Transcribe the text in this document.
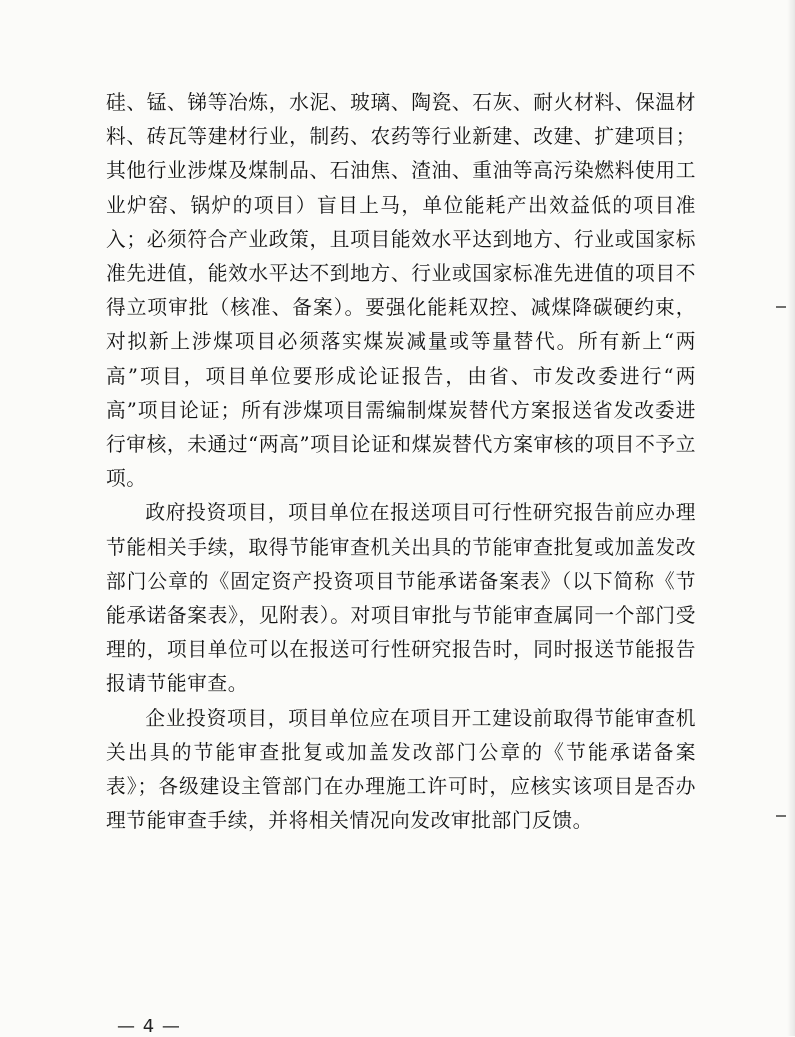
硅、锰、锑等冶炼，水泥、玻璃、陶瓷、石灰、耐火材料、保温材料、砖瓦等建材行业，制药、农药等行业新建、改建、扩建项目；其他行业涉煤及煤制品、石油焦、渣油、重油等高污染燃料使用工业炉窑、锅炉的项目）盲目上马，单位能耗产出效益低的项目准入；必须符合产业政策，且项目能效水平达到地方、行业或国家标准先进值，能效水平达不到地方、行业或国家标准先进值的项目不得立项审批（核准、备案）。要强化能耗双控、减煤降碳硬约束，对拟新上涉煤项目必须落实煤炭减量或等量替代。所有新上“两高”项目，项目单位要形成论证报告，由省、市发改委进行“两高”项目论证；所有涉煤项目需编制煤炭替代方案报送省发改委进行审核，未通过“两高”项目论证和煤炭替代方案审核的项目不予立项。

政府投资项目，项目单位在报送项目可行性研究报告前应办理节能相关手续，取得节能审查机关出具的节能审查批复或加盖发改部门公章的《固定资产投资项目节能承诺备案表》（以下简称《节能承诺备案表》，见附表）。对项目审批与节能审查属同一个部门受理的，项目单位可以在报送可行性研究报告时，同时报送节能报告报请节能审查。

企业投资项目，项目单位应在项目开工建设前取得节能审查机关出具的节能审查批复或加盖发改部门公章的《节能承诺备案表》；各级建设主管部门在办理施工许可时，应核实该项目是否办理节能审查手续，并将相关情况向发改审批部门反馈。

— 4 —
